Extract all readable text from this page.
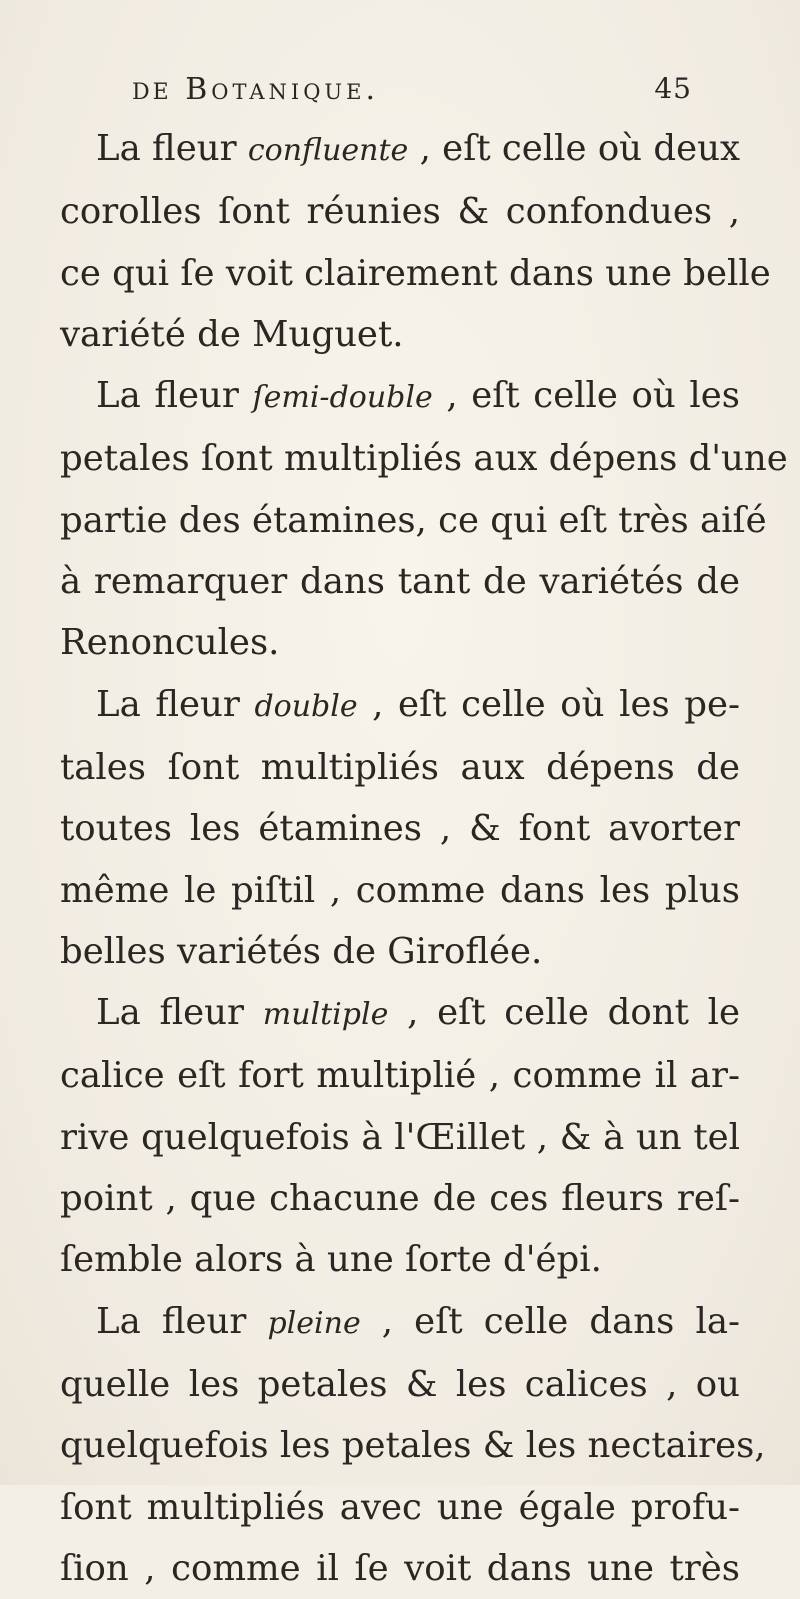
DE Botanique.	45
La fleur confluente , eſt celle où deux
corolles ſont réunies & confondues ,
ce qui ſe voit clairement dans une belle
variété de Muguet.
La fleur ſemi-double , eſt celle où les
petales ſont multipliés aux dépens d'une
partie des étamines, ce qui eſt très aiſé
à remarquer dans tant de variétés de
Renoncules.
La fleur double , eſt celle où les pe-
tales ſont multipliés aux dépens de
toutes les étamines , & font avorter
même le piſtil , comme dans les plus
belles variétés de Giroflée.
La fleur multiple , eſt celle dont le
calice eſt fort multiplié , comme il ar-
rive quelquefois à l'Œillet , & à un tel
point , que chacune de ces fleurs reſ-
ſemble alors à une ſorte d'épi.
La fleur pleine , eſt celle dans la-
quelle les petales & les calices , ou
quelquefois les petales & les nectaires,
ſont multipliés avec une égale profu-
ſion , comme il ſe voit dans une très
